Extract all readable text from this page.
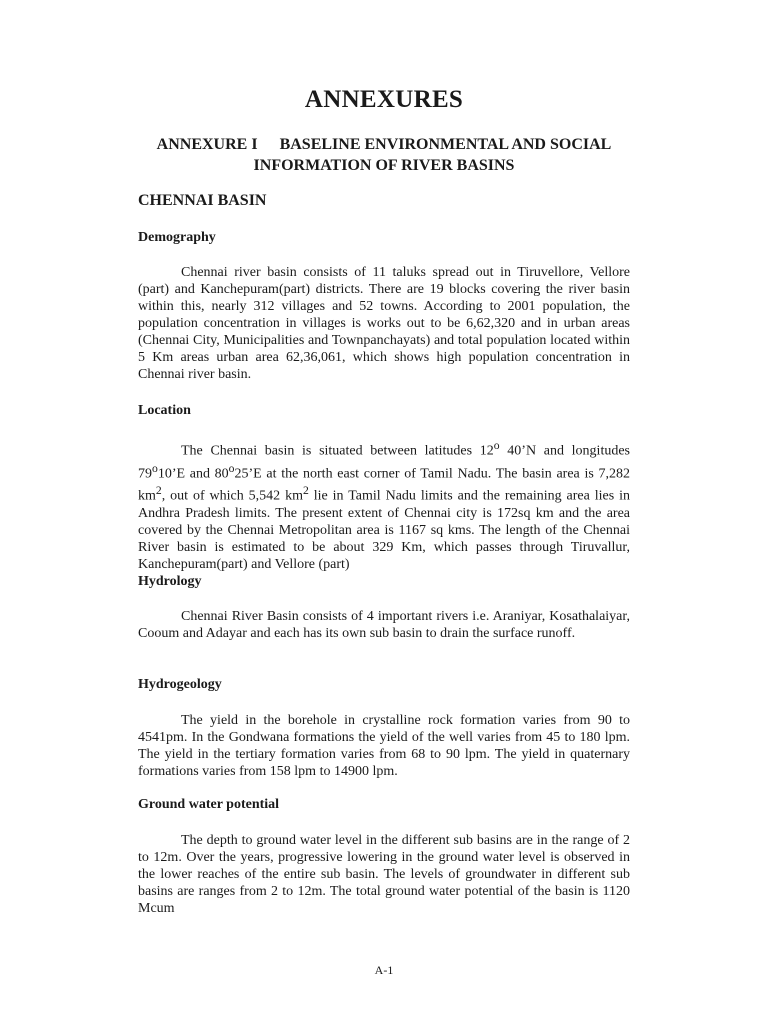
ANNEXURES
ANNEXURE I BASELINE ENVIRONMENTAL AND SOCIAL
INFORMATION OF RIVER BASINS
CHENNAI BASIN
Demography

Chennai river basin consists of 11 taluks spread out in Tiruvellore, Vellore (part) and Kanchepuram(part) districts. There are 19 blocks covering the river basin within this, nearly 312 villages and 52 towns. According to 2001 population, the population concentration in villages is works out to be 6,62,320 and in urban areas (Chennai City, Municipalities and Townpanchayats) and total population located within 5 Km areas urban area 62,36,061, which shows high population concentration in Chennai river basin.

Location

The Chennai basin is situated between latitudes 12$^o$ 40’N and longitudes 79$^o$10’E and 80$^o$25’E at the north east corner of Tamil Nadu. The basin area is 7,282 $km^2$, out of which 5,542 $km^2$ lie in Tamil Nadu limits and the remaining area lies in Andhra Pradesh limits. The present extent of Chennai city is 172sq km and the area covered by the Chennai Metropolitan area is 1167 sq kms. The length of the Chennai River basin is estimated to be about 329 Km, which passes through Tiruvallur, Kanchepuram(part) and Vellore (part)

Hydrology

Chennai River Basin consists of 4 important rivers i.e. Araniyar, Kosathalaiyar, Cooum and Adayar and each has its own sub basin to drain the surface runoff.

Hydrogeology

The yield in the borehole in crystalline rock formation varies from 90 to 4541pm. In the Gondwana formations the yield of the well varies from 45 to 180 lpm. The yield in the tertiary formation varies from 68 to 90 lpm. The yield in quaternary formations varies from 158 lpm to 14900 lpm.

Ground water potential

The depth to ground water level in the different sub basins are in the range of 2 to 12m. Over the years, progressive lowering in the ground water level is observed in the lower reaches of the entire sub basin. The levels of groundwater in different sub basins are ranges from 2 to 12m. The total ground water potential of the basin is 1120 Mcum

A-1
